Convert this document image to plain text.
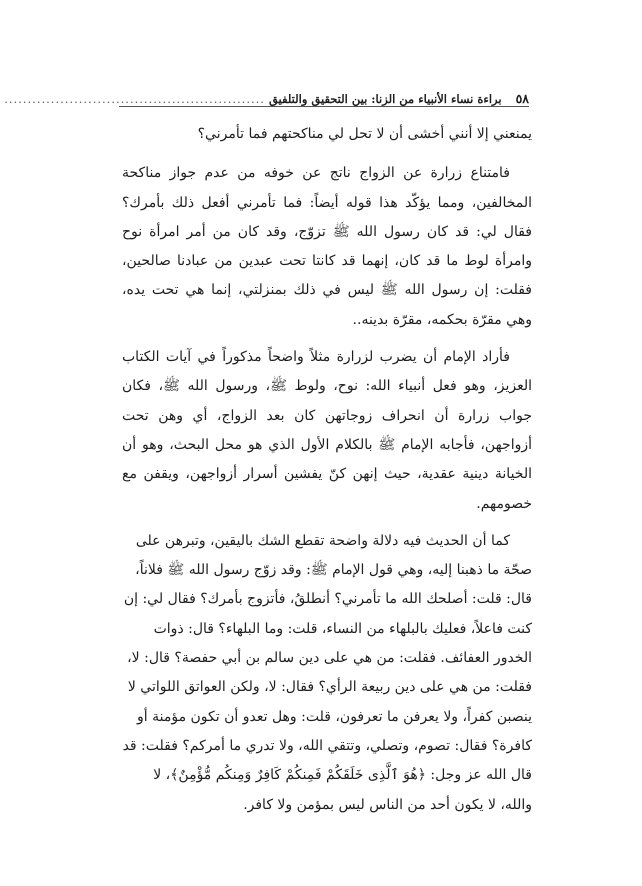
٥٨
براءة نساء الأنبياء من الزنا: بين التحقيق والتلفيق
........................................................

يمنعني إلا أنني أخشى أن لا تحل لي مناكحتهم فما تأمرني؟

فامتناع زرارة عن الزواج ناتج عن خوفه من عدم جواز مناكحة المخالفين، ومما يؤكّد هذا قوله أيضاً: فما تأمرني أفعل ذلك بأمرك؟ فقال لي: قد كان رسول الله ﷺ تزوّج، وقد كان من أمر امرأة نوح وامرأة لوط ما قد كان، إنهما قد كانتا تحت عبدين من عبادنا صالحين، فقلت: إن رسول الله ﷺ ليس في ذلك بمنزلتي، إنما هي تحت يده، وهي مقرّة بحكمه، مقرّة بدينه..

فأراد الإمام أن يضرب لزرارة مثلاً واضحاً مذكوراً في آيات الكتاب العزيز، وهو فعل أنبياء الله: نوح، ولوط ﷺ، ورسول الله ﷺ، فكان جواب زرارة أن انحراف زوجاتهن كان بعد الزواج، أي وهن تحت أزواجهن، فأجابه الإمام ﷺ بالكلام الأول الذي هو محل البحث، وهو أن الخيانة دينية عقدية، حيث إنهن كنّ يفشين أسرار أزواجهن، ويقفن مع خصومهم.

كما أن الحديث فيه دلالة واضحة تقطع الشك باليقين، وتبرهن على صحّة ما ذهبنا إليه، وهي قول الإمام ﷺ: وقد زوّج رسول الله ﷺ فلاناً، قال: قلت: أصلحك الله ما تأمرني؟ أنطلقُ، فأتزوج بأمرك؟ فقال لي: إن كنت فاعلاً، فعليك بالبلهاء من النساء، قلت: وما البلهاء؟ قال: ذوات الخدور العفائف. فقلت: من هي على دين سالم بن أبي حفصة؟ قال: لا، فقلت: من هي على دين ربيعة الرأي؟ فقال: لا، ولكن العواتق اللواتي لا ينصبن كفراً، ولا يعرفن ما تعرفون، قلت: وهل تعدو أن تكون مؤمنة أو كافرة؟ فقال: تصوم، وتصلي، وتتقي الله، ولا تدري ما أمركم؟ فقلت: قد قال الله عز وجل: ﴿هُوَ ٱلَّذِى خَلَقَكُمْ فَمِنكُمْ كَافِرٌ وَمِنكُم مُّؤْمِنٌ﴾، لا والله، لا يكون أحد من الناس ليس بمؤمن ولا كافر.
